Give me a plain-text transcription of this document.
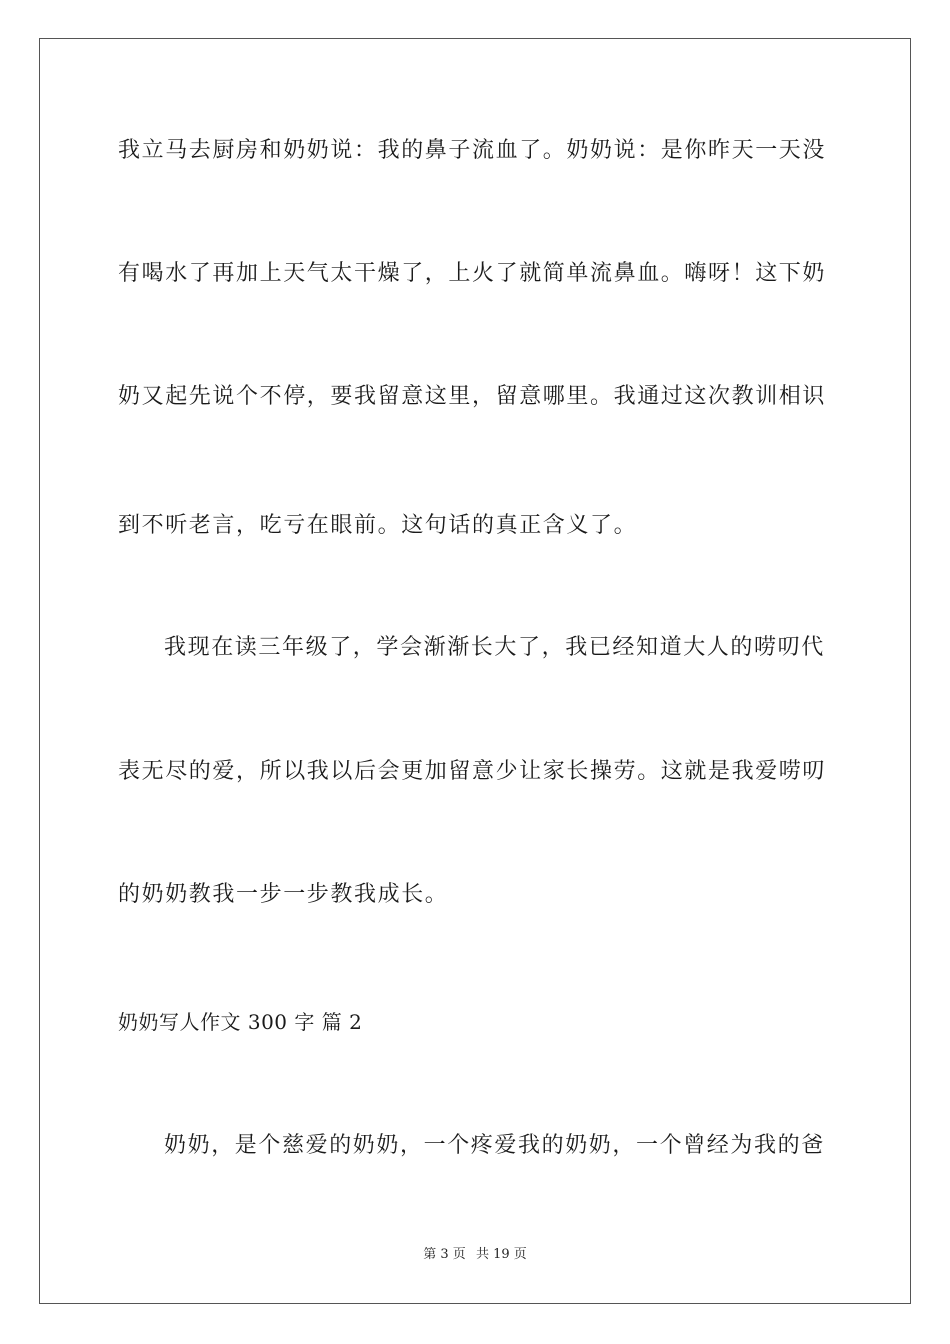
我立马去厨房和奶奶说：我的鼻子流血了。奶奶说：是你昨天一天没
有喝水了再加上天气太干燥了，上火了就简单流鼻血。嗨呀！这下奶
奶又起先说个不停，要我留意这里，留意哪里。我通过这次教训相识
到不听老言，吃亏在眼前。这句话的真正含义了。
我现在读三年级了，学会渐渐长大了，我已经知道大人的唠叨代
表无尽的爱，所以我以后会更加留意少让家长操劳。这就是我爱唠叨
的奶奶教我一步一步教我成长。
奶奶写人作文 300 字 篇 2
奶奶，是个慈爱的奶奶，一个疼爱我的奶奶，一个曾经为我的爸
第 3 页 共 19 页
